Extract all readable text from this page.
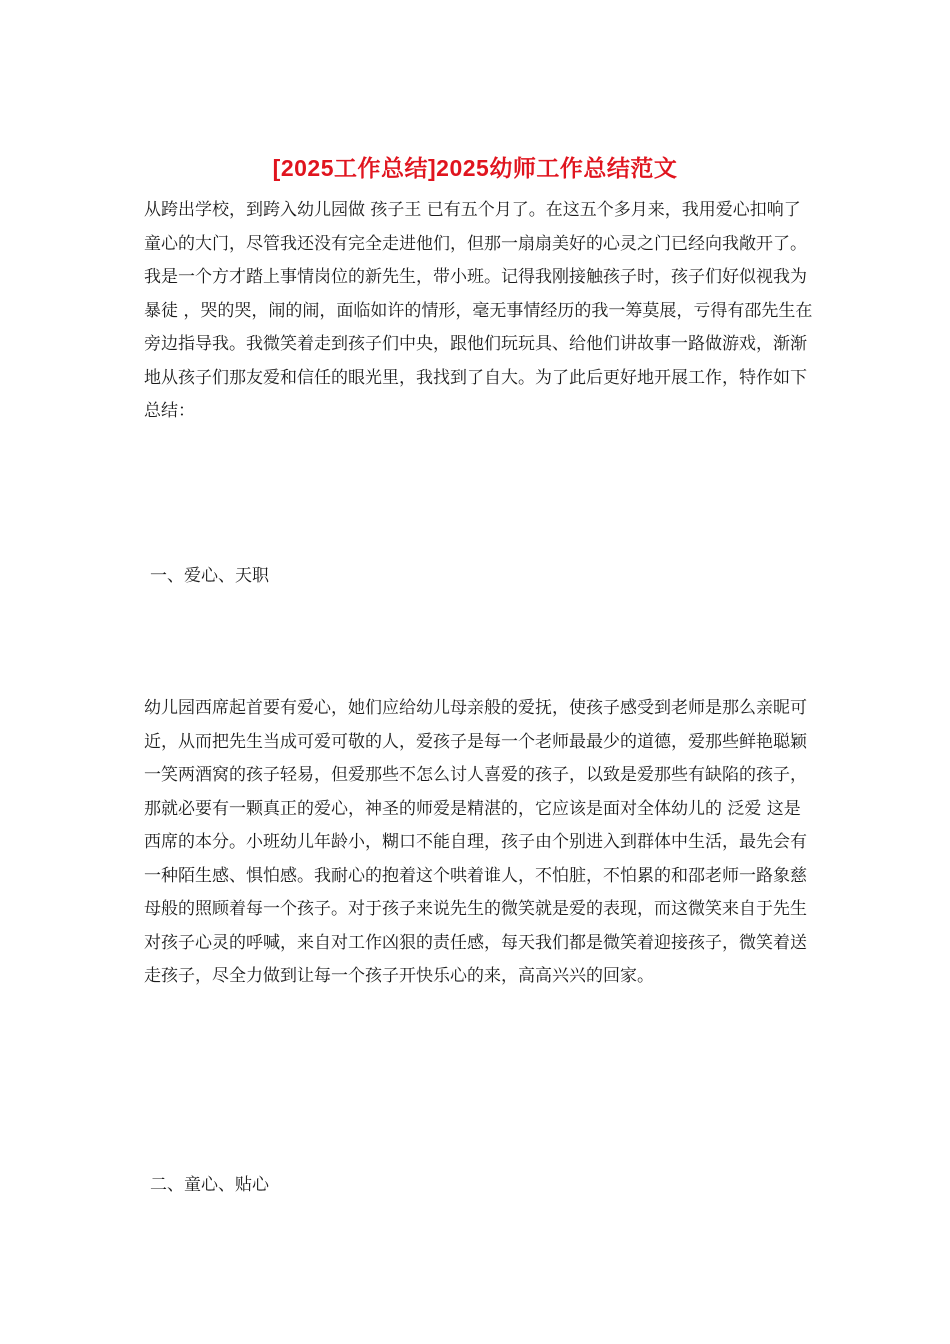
[2025工作总结]2025幼师工作总结范文

从跨出学校，到跨入幼儿园做 孩子王 已有五个月了。在这五个多月来，我用爱心扣响了童心的大门，尽管我还没有完全走进他们，但那一扇扇美好的心灵之门已经向我敞开了。我是一个方才踏上事情岗位的新先生，带小班。记得我刚接触孩子时，孩子们好似视我为 暴徒 ，哭的哭，闹的闹，面临如许的情形，毫无事情经历的我一筹莫展，亏得有邵先生在旁边指导我。我微笑着走到孩子们中央，跟他们玩玩具、给他们讲故事一路做游戏，渐渐地从孩子们那友爱和信任的眼光里，我找到了自大。为了此后更好地开展工作，特作如下总结：

一、爱心、天职

幼儿园西席起首要有爱心，她们应给幼儿母亲般的爱抚，使孩子感受到老师是那么亲昵可近，从而把先生当成可爱可敬的人，爱孩子是每一个老师最最少的道德，爱那些鲜艳聪颖一笑两酒窝的孩子轻易，但爱那些不怎么讨人喜爱的孩子，以致是爱那些有缺陷的孩子，那就必要有一颗真正的爱心，神圣的师爱是精湛的，它应该是面对全体幼儿的 泛爱 这是西席的本分。小班幼儿年龄小，糊口不能自理，孩子由个别进入到群体中生活，最先会有一种陌生感、惧怕感。我耐心的抱着这个哄着谁人，不怕脏，不怕累的和邵老师一路象慈母般的照顾着每一个孩子。对于孩子来说先生的微笑就是爱的表现，而这微笑来自于先生对孩子心灵的呼喊，来自对工作凶狠的责任感，每天我们都是微笑着迎接孩子，微笑着送走孩子，尽全力做到让每一个孩子开快乐心的来，高高兴兴的回家。

二、童心、贴心
